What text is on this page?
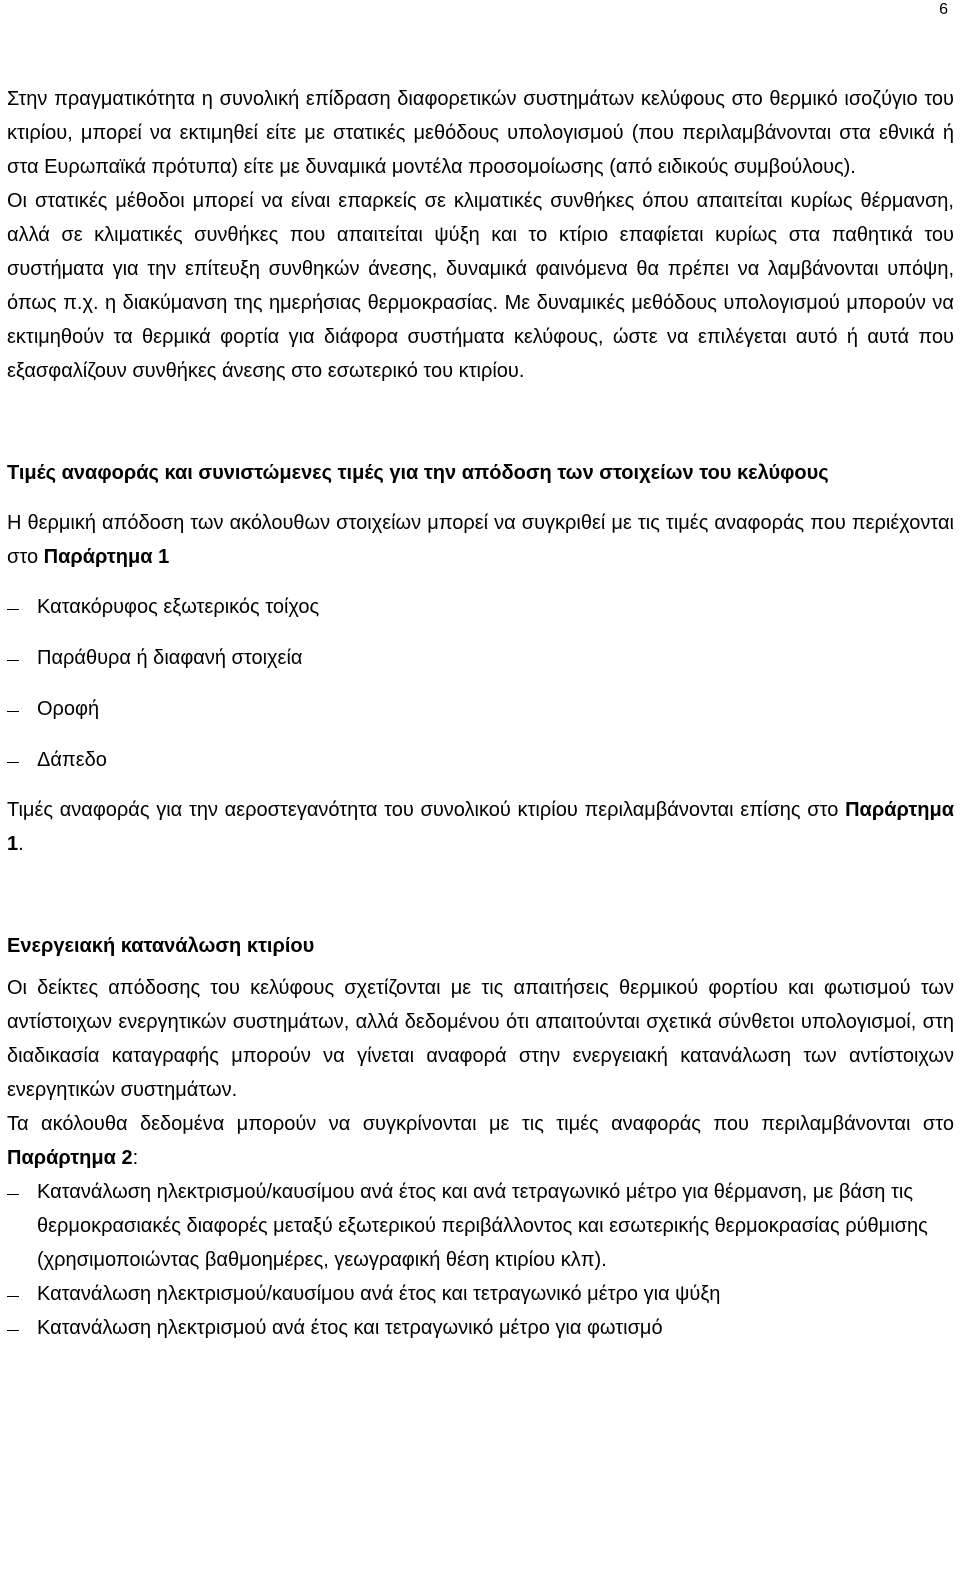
6

Στην πραγματικότητα η συνολική επίδραση διαφορετικών συστημάτων κελύφους στο θερμικό ισοζύγιο του κτιρίου, μπορεί να εκτιμηθεί είτε με στατικές μεθόδους υπολογισμού (που περιλαμβάνονται στα εθνικά ή στα Ευρωπαϊκά πρότυπα) είτε με δυναμικά μοντέλα προσομοίωσης (από ειδικούς συμβούλους).

Οι στατικές μέθοδοι μπορεί να είναι επαρκείς σε κλιματικές συνθήκες όπου απαιτείται κυρίως θέρμανση, αλλά σε κλιματικές συνθήκες που απαιτείται ψύξη και το κτίριο επαφίεται κυρίως στα παθητικά του συστήματα για την επίτευξη συνθηκών άνεσης, δυναμικά φαινόμενα θα πρέπει να λαμβάνονται υπόψη, όπως π.χ. η διακύμανση της ημερήσιας θερμοκρασίας. Με δυναμικές μεθόδους υπολογισμού μπορούν να εκτιμηθούν τα θερμικά φορτία για διάφορα συστήματα κελύφους, ώστε να επιλέγεται αυτό ή αυτά που εξασφαλίζουν συνθήκες άνεσης στο εσωτερικό του κτιρίου.

Τιμές αναφοράς και συνιστώμενες τιμές για την απόδοση των στοιχείων του κελύφους

Η θερμική απόδοση των ακόλουθων στοιχείων μπορεί να συγκριθεί με τις τιμές αναφοράς που περιέχονται στο Παράρτημα 1

Κατακόρυφος εξωτερικός τοίχος
Παράθυρα ή διαφανή στοιχεία
Οροφή
Δάπεδο

Τιμές αναφοράς για την αεροστεγανότητα του συνολικού κτιρίου περιλαμβάνονται επίσης στο Παράρτημα 1.

Ενεργειακή κατανάλωση κτιρίου

Οι δείκτες απόδοσης του κελύφους σχετίζονται με τις απαιτήσεις θερμικού φορτίου και φωτισμού των αντίστοιχων ενεργητικών συστημάτων, αλλά δεδομένου ότι απαιτούνται σχετικά σύνθετοι υπολογισμοί, στη διαδικασία καταγραφής μπορούν να γίνεται αναφορά στην ενεργειακή κατανάλωση των αντίστοιχων ενεργητικών συστημάτων.

Τα ακόλουθα δεδομένα μπορούν να συγκρίνονται με τις τιμές αναφοράς που περιλαμβάνονται στο Παράρτημα 2:

Κατανάλωση ηλεκτρισμού/καυσίμου ανά έτος και ανά τετραγωνικό μέτρο για θέρμανση, με βάση τις θερμοκρασιακές διαφορές μεταξύ εξωτερικού περιβάλλοντος και εσωτερικής θερμοκρασίας ρύθμισης (χρησιμοποιώντας βαθμοημέρες, γεωγραφική θέση κτιρίου κλπ).
Κατανάλωση ηλεκτρισμού/καυσίμου ανά έτος και τετραγωνικό μέτρο για ψύξη
Κατανάλωση ηλεκτρισμού ανά έτος και τετραγωνικό μέτρο για φωτισμό
